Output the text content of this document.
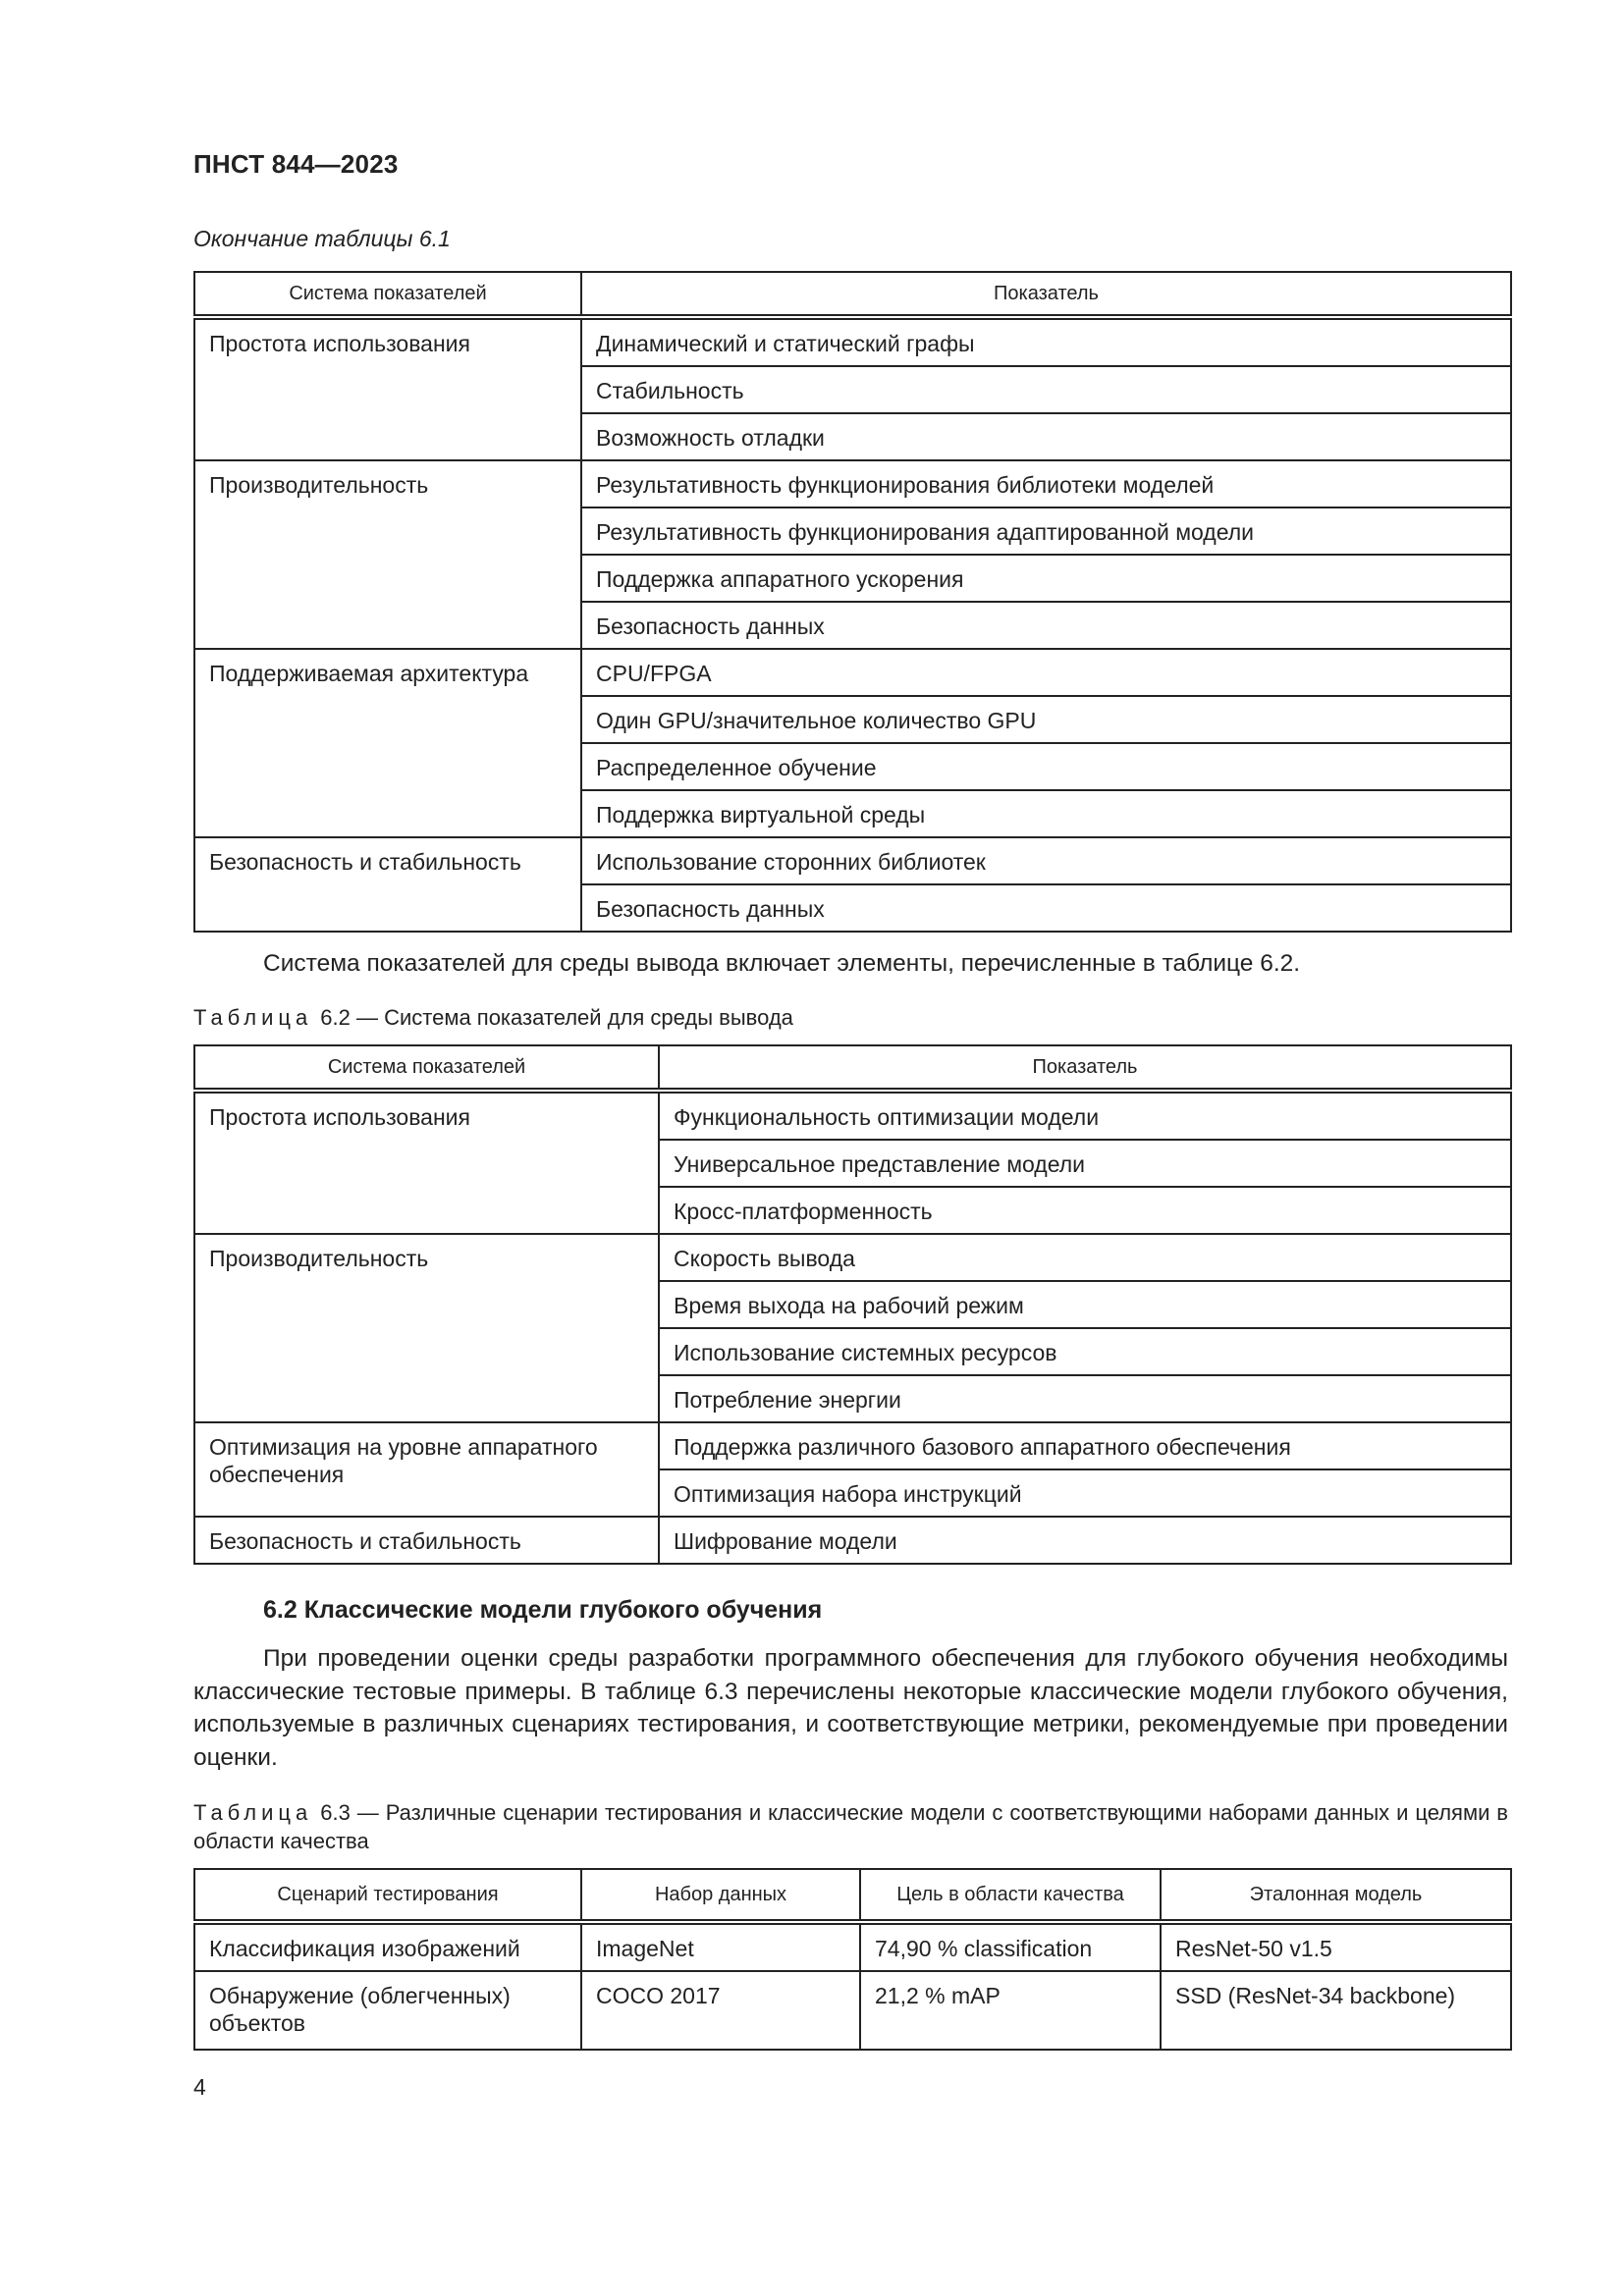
ПНСТ 844—2023
Окончание таблицы 6.1
Система показателей	Показатель
Простота использования	Динамический и статический графы
	Стабильность
	Возможность отладки
Производительность	Результативность функционирования библиотеки моделей
	Результативность функционирования адаптированной модели
	Поддержка аппаратного ускорения
	Безопасность данных
Поддерживаемая архитектура	CPU/FPGA
	Один GPU/значительное количество GPU
	Распределенное обучение
	Поддержка виртуальной среды
Безопасность и стабильность	Использование сторонних библиотек
	Безопасность данных
Система показателей для среды вывода включает элементы, перечисленные в таблице 6.2.
Таблица 6.2 — Система показателей для среды вывода
Система показателей	Показатель
Простота использования	Функциональность оптимизации модели
	Универсальное представление модели
	Кросс-платформенность
Производительность	Скорость вывода
	Время выхода на рабочий режим
	Использование системных ресурсов
	Потребление энергии
Оптимизация на уровне аппаратного обеспечения	Поддержка различного базового аппаратного обеспечения
	Оптимизация набора инструкций
Безопасность и стабильность	Шифрование модели
6.2 Классические модели глубокого обучения
При проведении оценки среды разработки программного обеспечения для глубокого обучения необходимы классические тестовые примеры. В таблице 6.3 перечислены некоторые классические модели глубокого обучения, используемые в различных сценариях тестирования, и соответствующие метрики, рекомендуемые при проведении оценки.
Таблица 6.3 — Различные сценарии тестирования и классические модели с соответствующими наборами данных и целями в области качества
Сценарий тестирования	Набор данных	Цель в области качества	Эталонная модель
Классификация изображений	ImageNet	74,90 % classification	ResNet-50 v1.5
Обнаружение (облегченных) объектов	COCO 2017	21,2 % mAP	SSD (ResNet-34 backbone)
4
